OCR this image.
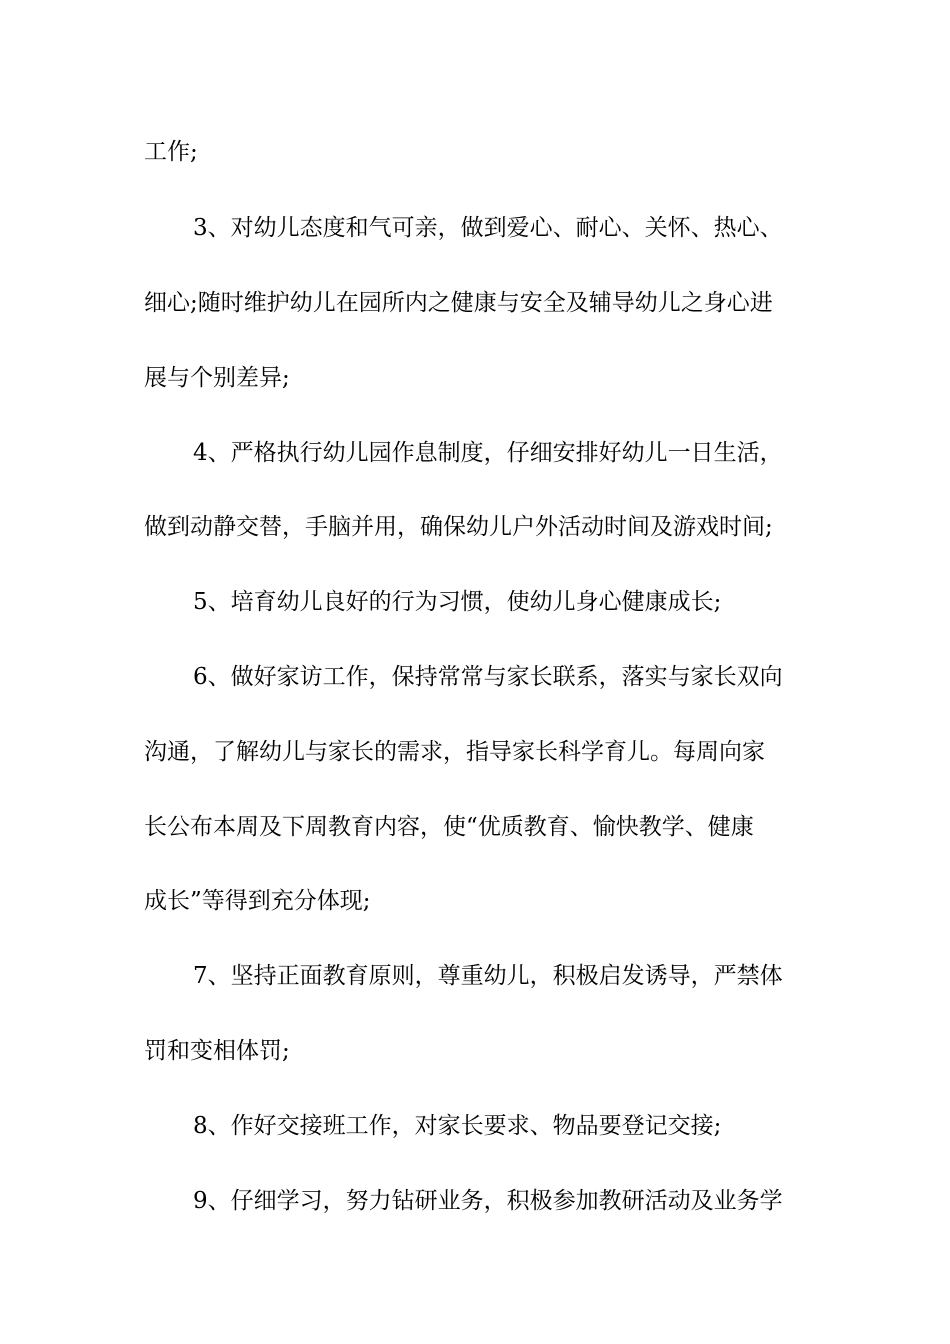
工作;
3、对幼儿态度和气可亲，做到爱心、耐心、关怀、热心、
细心;随时维护幼儿在园所内之健康与安全及辅导幼儿之身心进
展与个别差异;
4、严格执行幼儿园作息制度，仔细安排好幼儿一日生活，
做到动静交替，手脑并用，确保幼儿户外活动时间及游戏时间;
5、培育幼儿良好的行为习惯，使幼儿身心健康成长;
6、做好家访工作，保持常常与家长联系，落实与家长双向
沟通，了解幼儿与家长的需求，指导家长科学育儿。每周向家
长公布本周及下周教育内容，使“优质教育、愉快教学、健康
成长”等得到充分体现;
7、坚持正面教育原则，尊重幼儿，积极启发诱导，严禁体
罚和变相体罚;
8、作好交接班工作，对家长要求、物品要登记交接;
9、仔细学习，努力钻研业务，积极参加教研活动及业务学
